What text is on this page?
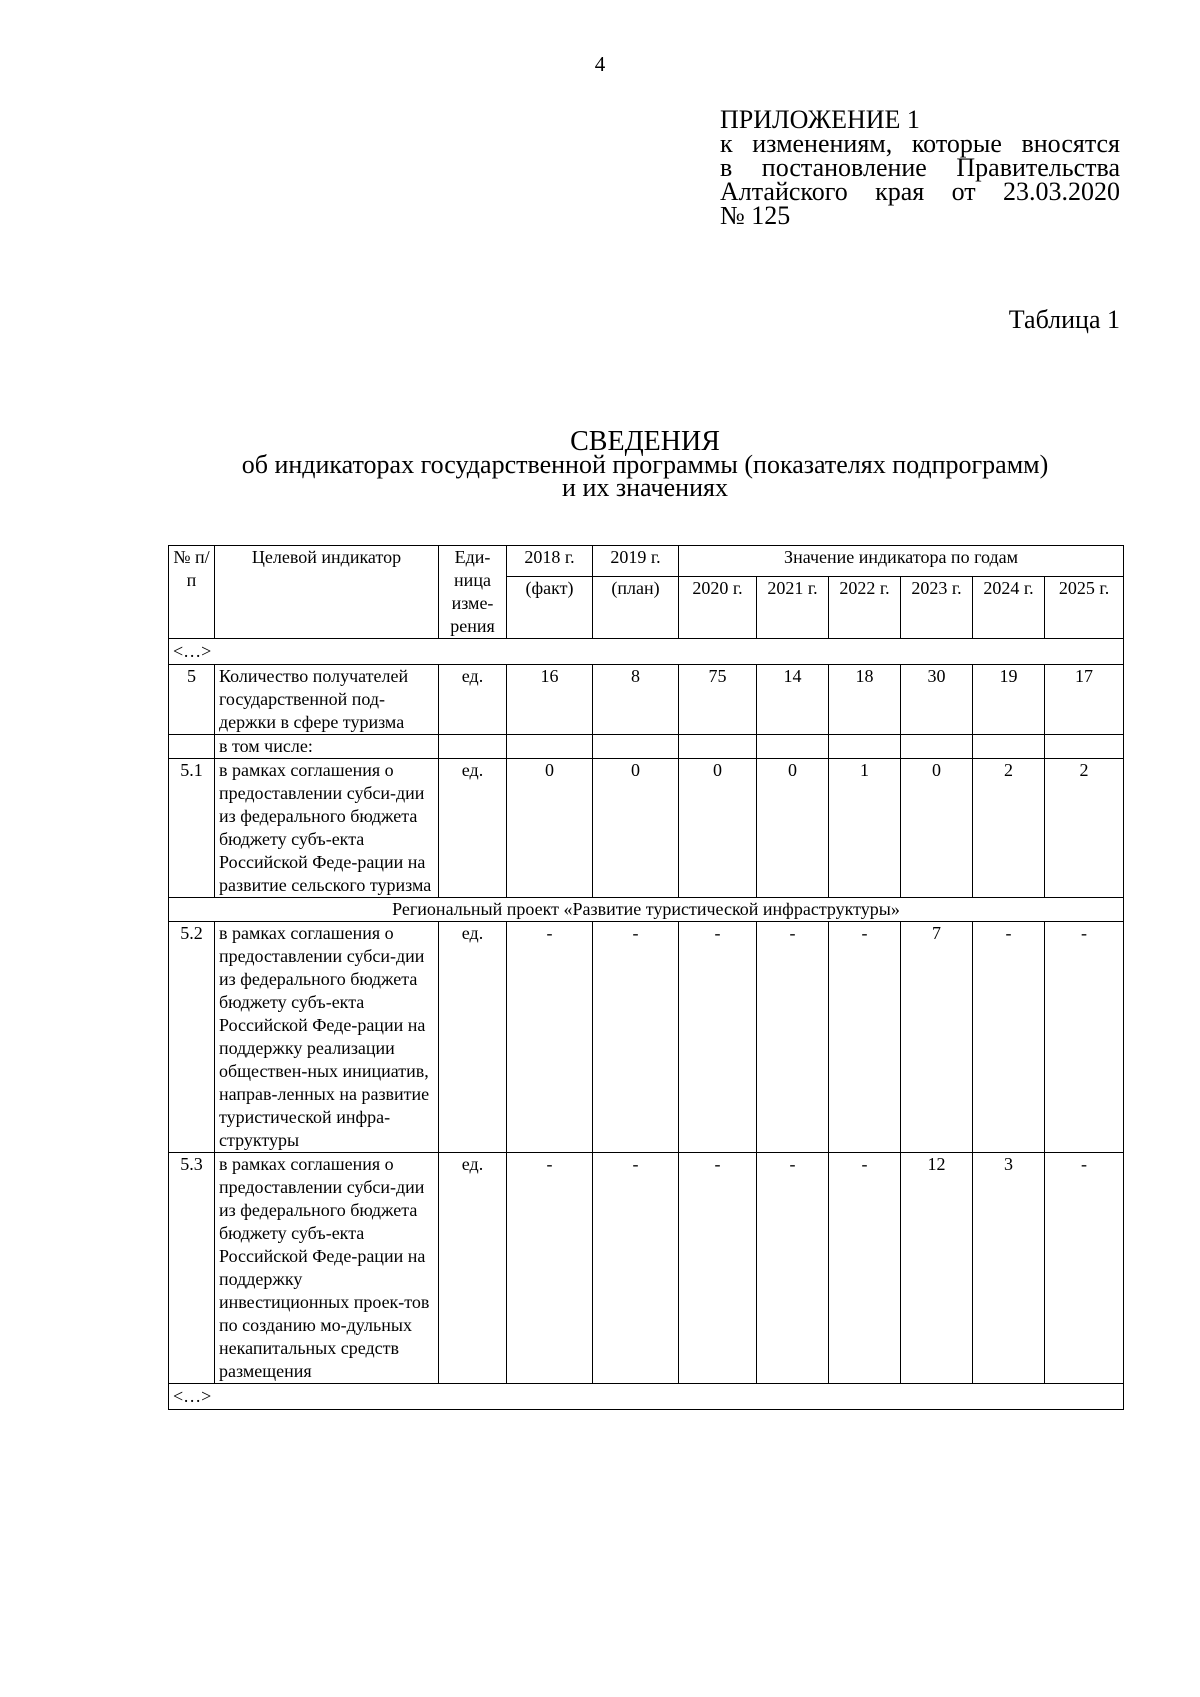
4
ПРИЛОЖЕНИЕ 1
к изменениям, которые вносятся
в постановление Правительства
Алтайского края от 23.03.2020
№ 125
Таблица 1
СВЕДЕНИЯ
об индикаторах государственной программы (показателях подпрограмм)
и их значениях
№ п/п	Целевой индикатор	Еди-ница изме-рения	2018 г.	2019 г.	Значение индикатора по годам					
			(факт)	(план)	2020 г.	2021 г.	2022 г.	2023 г.	2024 г.	2025 г.
<…>										
5	Количество получателей государственной под-держки в сфере туризма	ед.	16	8	75	14	18	30	19	17
	в том числе:									
5.1	в рамках соглашения о предоставлении субси-дии из федерального бюджета бюджету субъ-екта Российской Феде-рации на развитие сельского туризма	ед.	0	0	0	0	1	0	2	2
Региональный проект «Развитие туристической инфраструктуры»										
5.2	в рамках соглашения о предоставлении субси-дии из федерального бюджета бюджету субъ-екта Российской Феде-рации на поддержку реализации обществен-ных инициатив, направ-ленных на развитие туристической инфра-структуры	ед.	-	-	-	-	-	7	-	-
5.3	в рамках соглашения о предоставлении субси-дии из федерального бюджета бюджету субъ-екта Российской Феде-рации на поддержку инвестиционных проек-тов по созданию мо-дульных некапитальных средств размещения	ед.	-	-	-	-	-	12	3	-
<…>										
